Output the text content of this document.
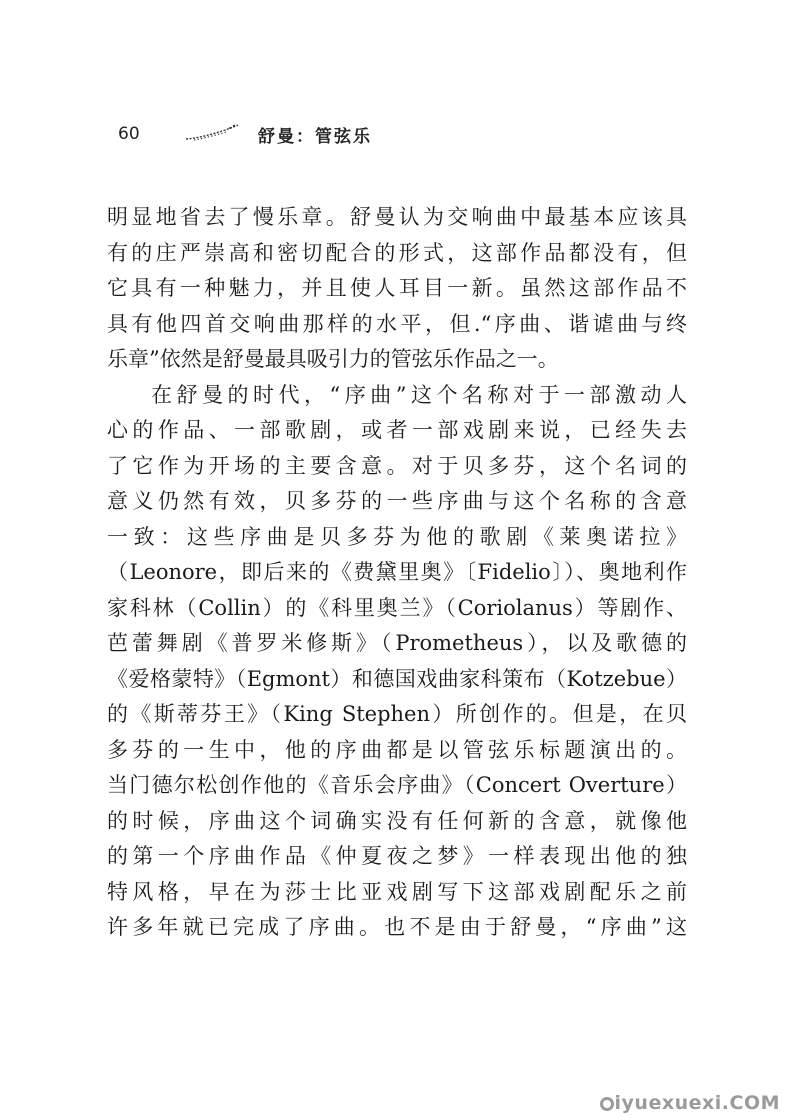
60	舒曼：管弦乐
明显地省去了慢乐章。舒曼认为交响曲中最基本应该具
有的庄严崇高和密切配合的形式，这部作品都没有，但
它具有一种魅力，并且使人耳目一新。虽然这部作品不
具有他四首交响曲那样的水平，但.“序曲、谐谑曲与终
乐章”依然是舒曼最具吸引力的管弦乐作品之一。
在舒曼的时代，“序曲”这个名称对于一部激动人
心的作品、一部歌剧，或者一部戏剧来说，已经失去
了它作为开场的主要含意。对于贝多芬，这个名词的
意义仍然有效，贝多芬的一些序曲与这个名称的含意
一致：这些序曲是贝多芬为他的歌剧《莱奥诺拉》
（Leonore，即后来的《费黛里奥》〔Fidelio〕）、奥地利作
家科林（Collin）的《科里奥兰》（Coriolanus）等剧作、
芭蕾舞剧《普罗米修斯》（Prometheus），以及歌德的
《爱格蒙特》（Egmont）和德国戏曲家科策布（Kotzebue）
的《斯蒂芬王》（King Stephen）所创作的。但是，在贝
多芬的一生中，他的序曲都是以管弦乐标题演出的。
当门德尔松创作他的《音乐会序曲》（Concert Overture）
的时候，序曲这个词确实没有任何新的含意，就像他
的第一个序曲作品《仲夏夜之梦》一样表现出他的独
特风格，早在为莎士比亚戏剧写下这部戏剧配乐之前
许多年就已完成了序曲。也不是由于舒曼，“序曲”这
iyuexuexi.COM
